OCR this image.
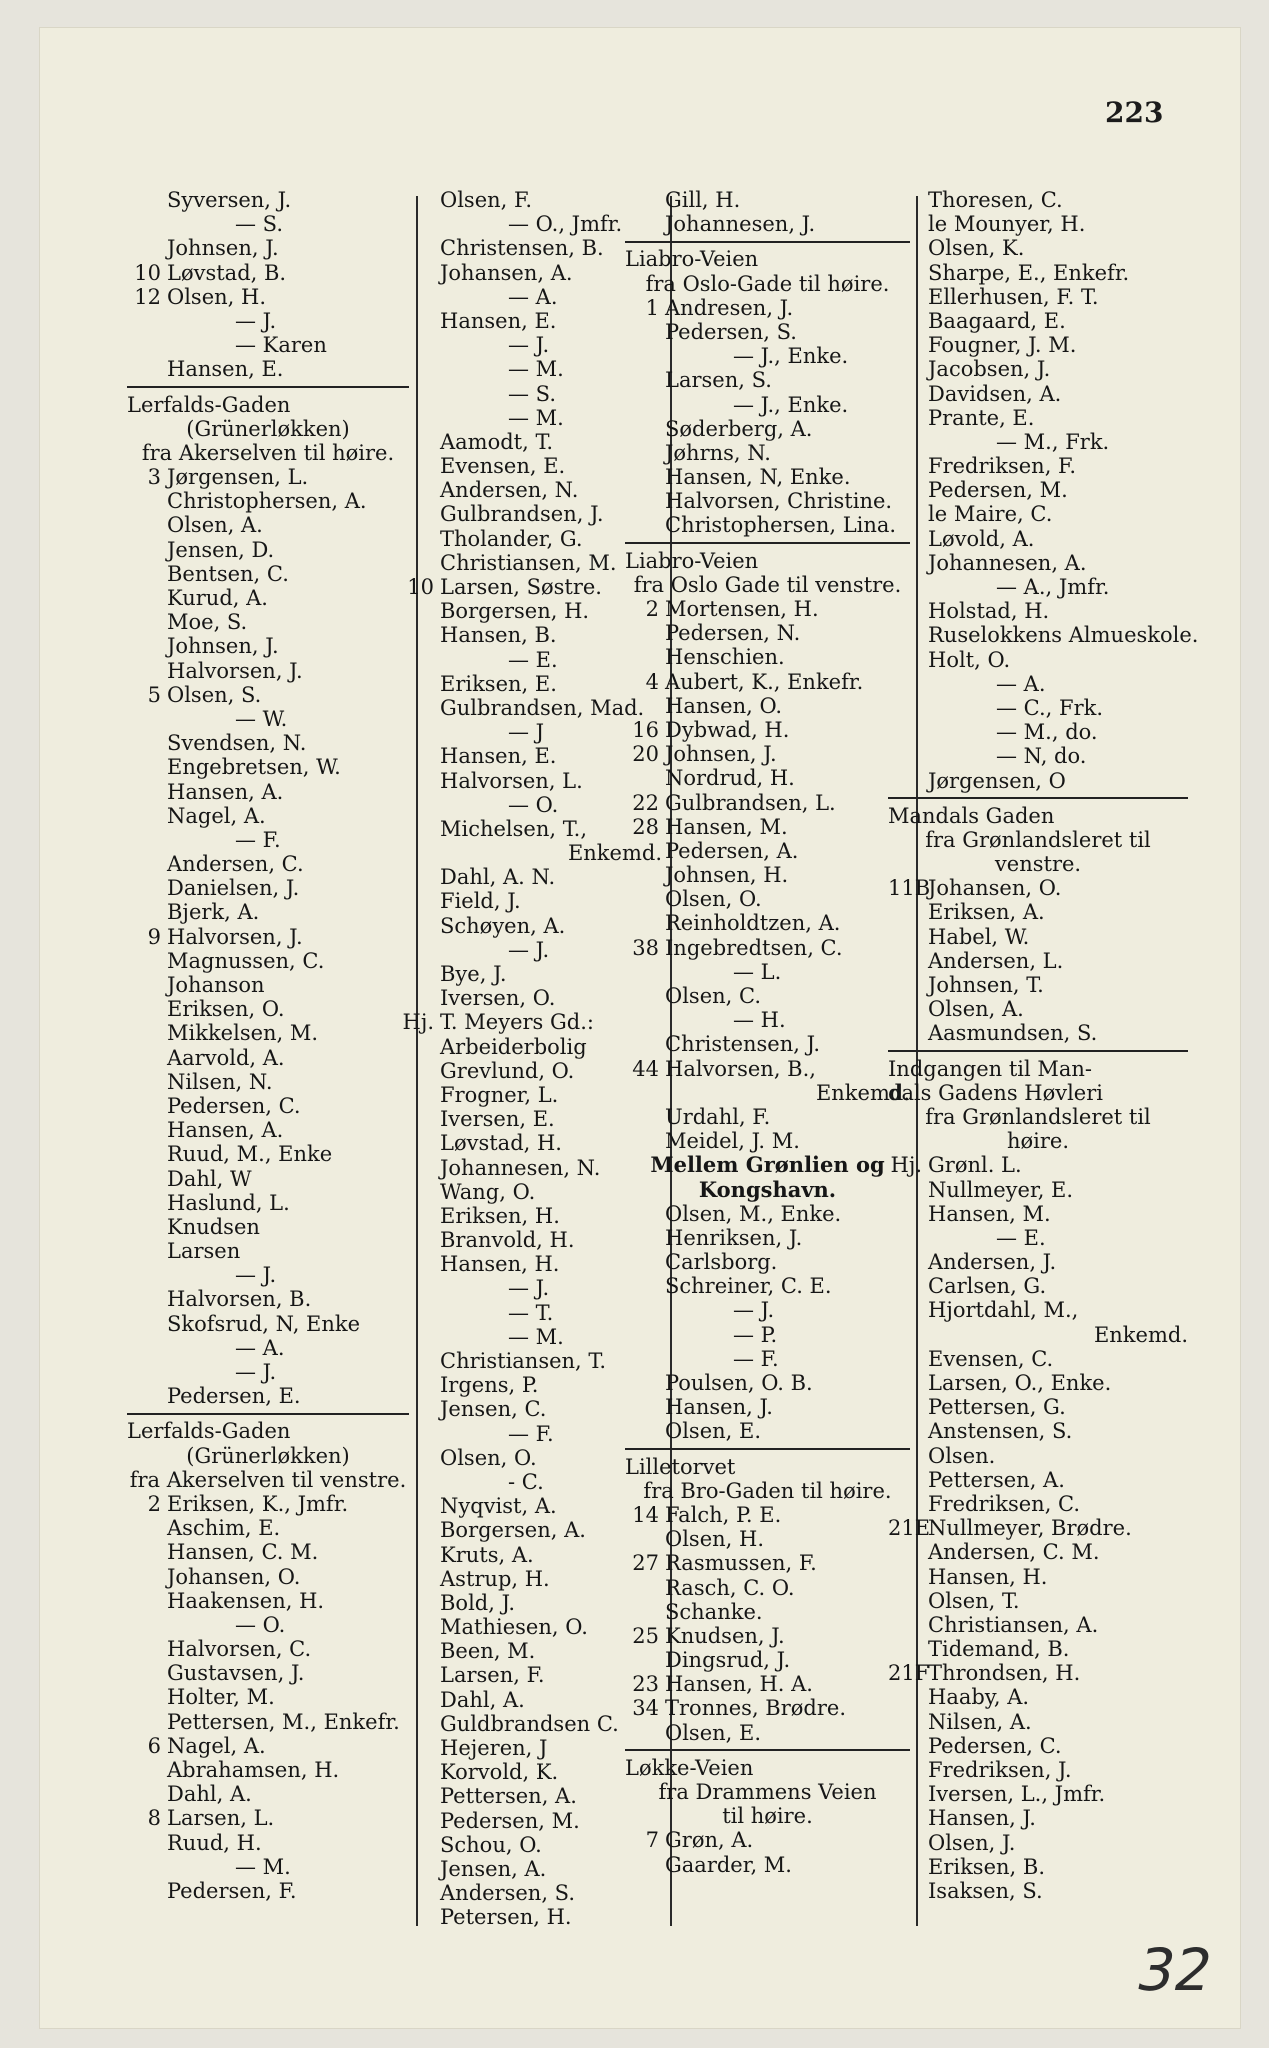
223
Syversen, J.
— S.
Johnsen, J.
10 Løvstad, B.
12 Olsen, H.
— J.
— Karen
Hansen, E.
Lerfalds-Gaden
(Grünerløkken)
fra Akerselven til høire.
3 Jørgensen, L.
Christophersen, A.
Olsen, A.
Jensen, D.
Bentsen, C.
Kurud, A.
Moe, S.
Johnsen, J.
Halvorsen, J.
5 Olsen, S.
— W.
Svendsen, N.
Engebretsen, W.
Hansen, A.
Nagel, A.
— F.
Andersen, C.
Danielsen, J.
Bjerk, A.
9 Halvorsen, J.
Magnussen, C.
Johanson
Eriksen, O.
Mikkelsen, M.
Aarvold, A.
Nilsen, N.
Pedersen, C.
Hansen, A.
Ruud, M., Enke
Dahl, W
Haslund, L.
Knudsen
Larsen
— J.
Halvorsen, B.
Skofsrud, N, Enke
— A.
— J.
Pedersen, E.
Lerfalds-Gaden
(Grünerløkken)
fra Akerselven til venstre.
2 Eriksen, K., Jmfr.
Aschim, E.
Hansen, C. M.
Johansen, O.
Haakensen, H.
— O.
Halvorsen, C.
Gustavsen, J.
Holter, M.
Pettersen, M., Enkefr.
6 Nagel, A.
Abrahamsen, H.
Dahl, A.
8 Larsen, L.
Ruud, H.
— M.
Pedersen, F.
Olsen, F.
— O., Jmfr.
Christensen, B.
Johansen, A.
— A.
Hansen, E.
— J.
— M.
— S.
— M.
Aamodt, T.
Evensen, E.
Andersen, N.
Gulbrandsen, J.
Tholander, G.
Christiansen, M.
10 Larsen, Søstre.
Borgersen, H.
Hansen, B.
— E.
Eriksen, E.
Gulbrandsen, Mad.
— J
Hansen, E.
Halvorsen, L.
— O.
Michelsen, T.,
Enkemd.
Dahl, A. N.
Field, J.
Schøyen, A.
— J.
Bye, J.
Iversen, O.
Hj. T. Meyers Gd.:
Arbeiderbolig
Grevlund, O.
Frogner, L.
Iversen, E.
Løvstad, H.
Johannesen, N.
Wang, O.
Eriksen, H.
Branvold, H.
Hansen, H.
— J.
— T.
— M.
Christiansen, T.
Irgens, P.
Jensen, C.
— F.
Olsen, O.
- C.
Nyqvist, A.
Borgersen, A.
Kruts, A.
Astrup, H.
Bold, J.
Mathiesen, O.
Been, M.
Larsen, F.
Dahl, A.
Guldbrandsen C.
Hejeren, J
Korvold, K.
Pettersen, A.
Pedersen, M.
Schou, O.
Jensen, A.
Andersen, S.
Petersen, H.
Gill, H.
Johannesen, J.
Liabro-Veien
fra Oslo-Gade til høire.
1 Andresen, J.
Pedersen, S.
— J., Enke.
Larsen, S.
— J., Enke.
Søderberg, A.
Jøhrns, N.
Hansen, N, Enke.
Halvorsen, Christine.
Christophersen, Lina.
Liabro-Veien
fra Oslo Gade til venstre.
2 Mortensen, H.
Pedersen, N.
Henschien.
4 Aubert, K., Enkefr.
Hansen, O.
16 Dybwad, H.
20 Johnsen, J.
Nordrud, H.
22 Gulbrandsen, L.
28 Hansen, M.
Pedersen, A.
Johnsen, H.
Olsen, O.
Reinholdtzen, A.
38 Ingebredtsen, C.
— L.
Olsen, C.
— H.
Christensen, J.
44 Halvorsen, B.,
Enkemd.
Urdahl, F.
Meidel, J. M.
Mellem Grønlien og
Kongshavn.
Olsen, M., Enke.
Henriksen, J.
Carlsborg.
Schreiner, C. E.
— J.
— P.
— F.
Poulsen, O. B.
Hansen, J.
Olsen, E.
Lilletorvet
fra Bro-Gaden til høire.
14 Falch, P. E.
Olsen, H.
27 Rasmussen, F.
Rasch, C. O.
Schanke.
25 Knudsen, J.
Dingsrud, J.
23 Hansen, H. A.
34 Tronnes, Brødre.
Olsen, E.
Løkke-Veien
fra Drammens Veien
til høire.
7 Grøn, A.
Gaarder, M.
Thoresen, C.
le Mounyer, H.
Olsen, K.
Sharpe, E., Enkefr.
Ellerhusen, F. T.
Baagaard, E.
Fougner, J. M.
Jacobsen, J.
Davidsen, A.
Prante, E.
— M., Frk.
Fredriksen, F.
Pedersen, M.
le Maire, C.
Løvold, A.
Johannesen, A.
— A., Jmfr.
Holstad, H.
Ruselokkens Almueskole.
Holt, O.
— A.
— C., Frk.
— M., do.
— N, do.
Jørgensen, O
Mandals Gaden
fra Grønlandsleret til
venstre.
11BJohansen, O.
Eriksen, A.
Habel, W.
Andersen, L.
Johnsen, T.
Olsen, A.
Aasmundsen, S.
Indgangen til Man-
dals Gadens Høvleri
fra Grønlandsleret til
høire.
Hj. Grønl. L.
Nullmeyer, E.
Hansen, M.
— E.
Andersen, J.
Carlsen, G.
Hjortdahl, M.,
Enkemd.
Evensen, C.
Larsen, O., Enke.
Pettersen, G.
Anstensen, S.
Olsen.
Pettersen, A.
Fredriksen, C.
21ENullmeyer, Brødre.
Andersen, C. M.
Hansen, H.
Olsen, T.
Christiansen, A.
Tidemand, B.
21FThrondsen, H.
Haaby, A.
Nilsen, A.
Pedersen, C.
Fredriksen, J.
Iversen, L., Jmfr.
Hansen, J.
Olsen, J.
Eriksen, B.
Isaksen, S.
32
